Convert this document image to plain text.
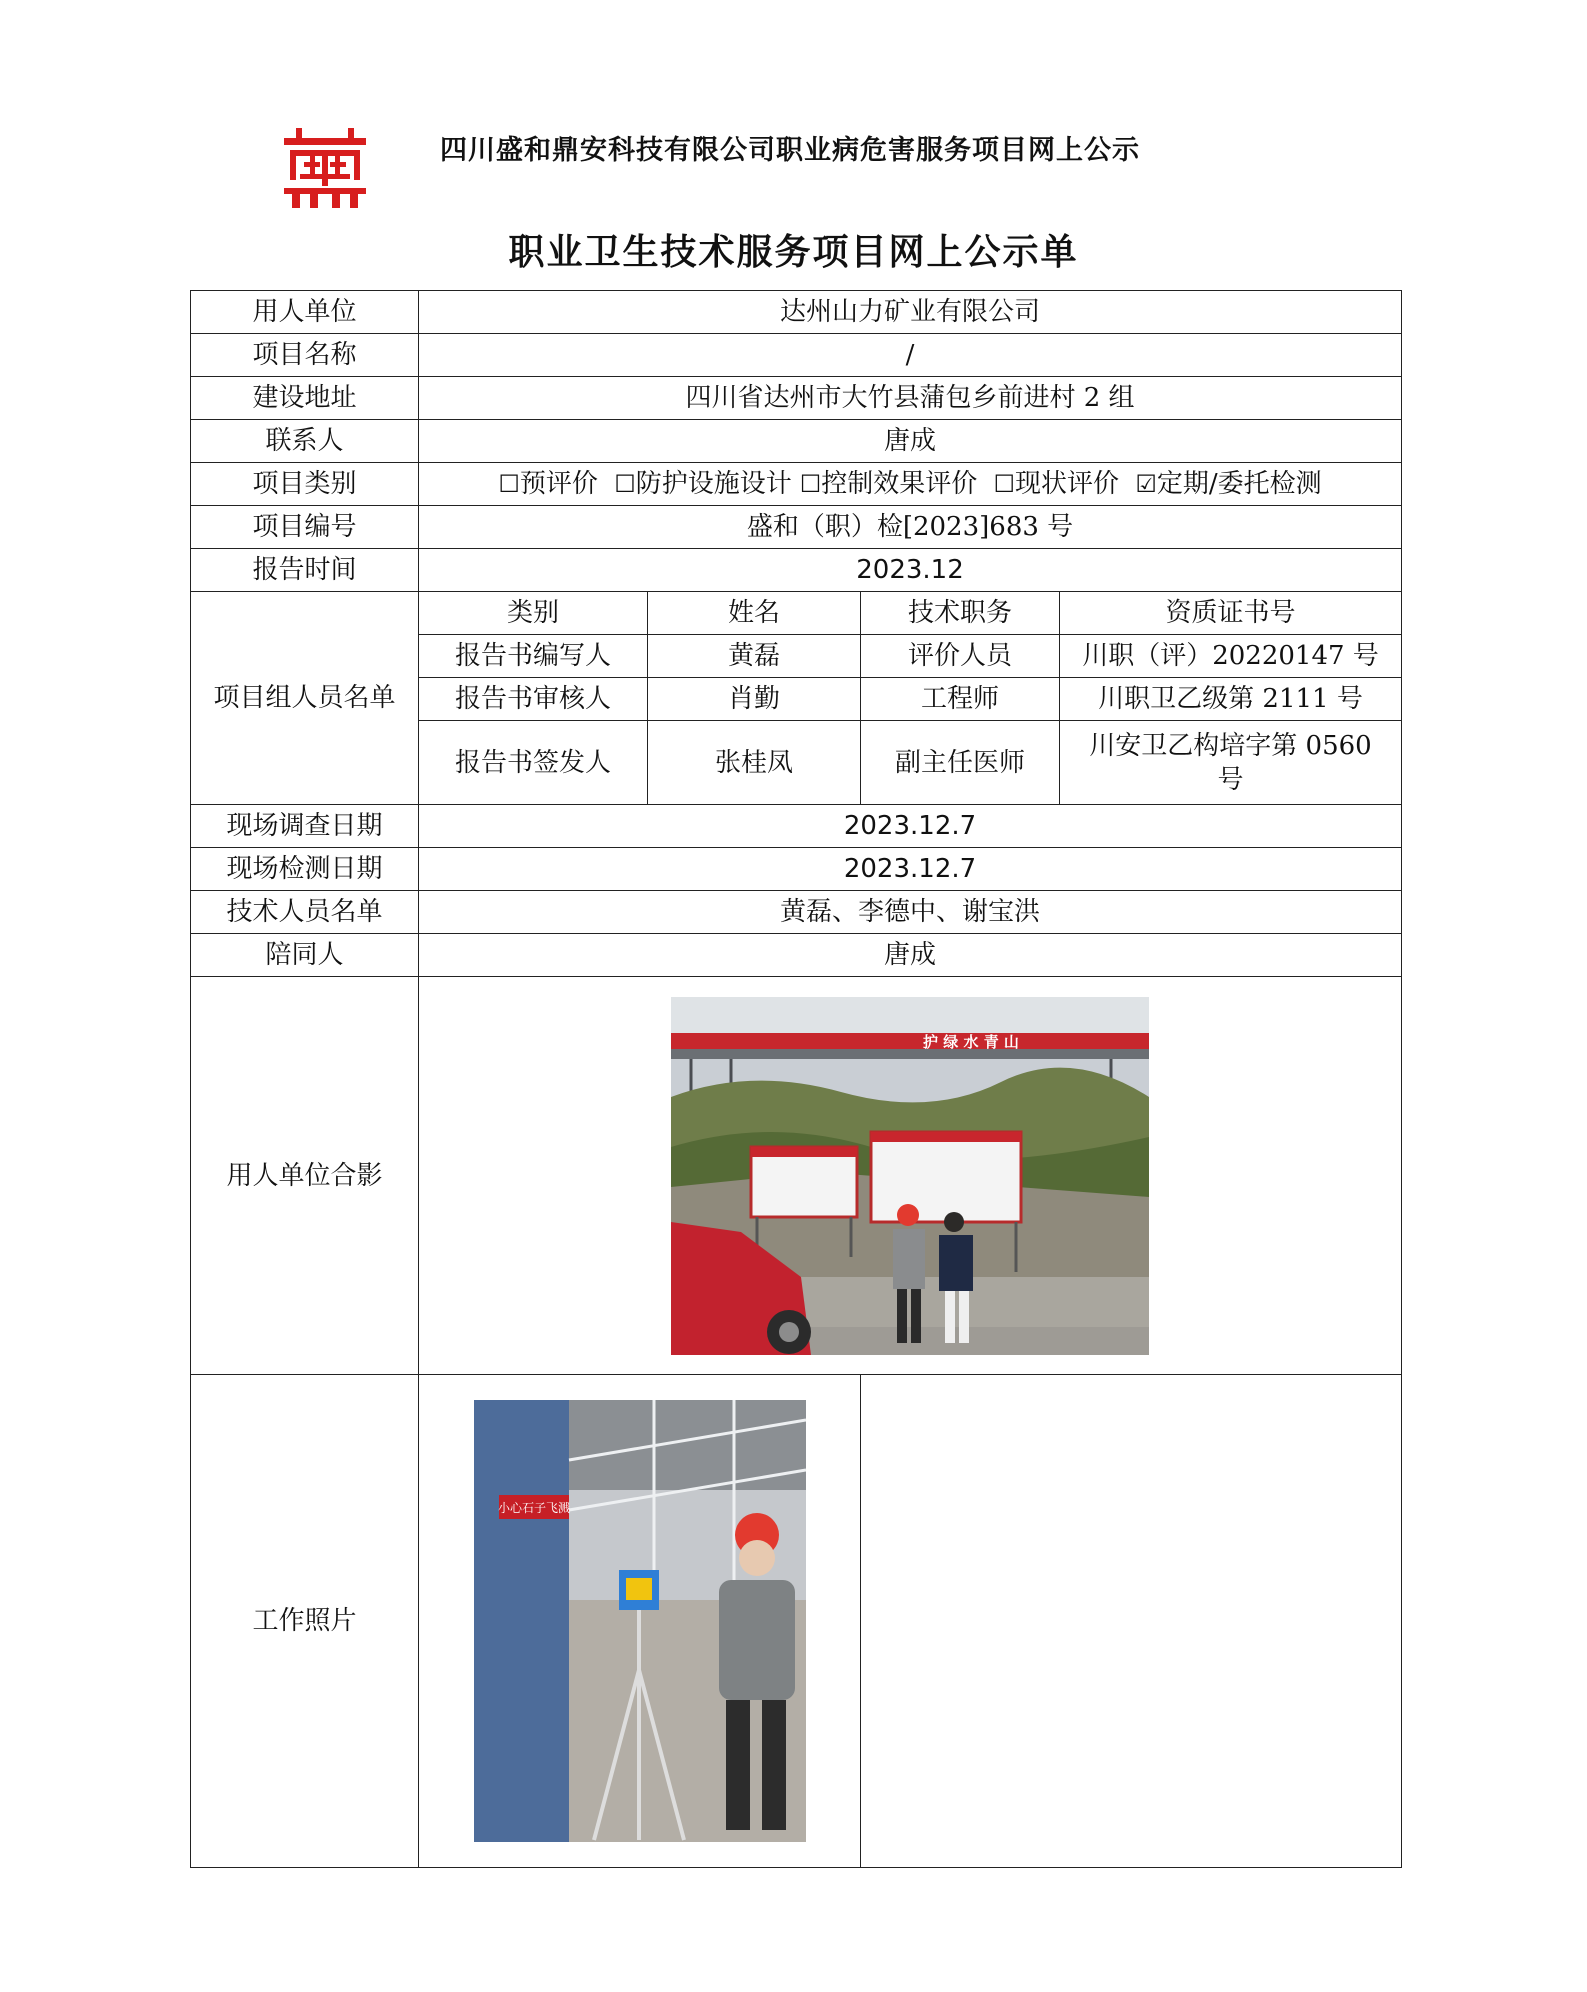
四川盛和鼎安科技有限公司职业病危害服务项目网上公示
职业卫生技术服务项目网上公示单
用人单位	达州山力矿业有限公司			
项目名称	/			
建设地址	四川省达州市大竹县蒲包乡前进村 2 组			
联系人	唐成			
项目类别	☐预评价 ☐防护设施设计 ☐控制效果评价 ☐现状评价 ☑定期/委托检测			
项目编号	盛和（职）检[2023]683 号			
报告时间	2023.12			
项目组人员名单	类别	姓名	技术职务	资质证书号
	报告书编写人	黄磊	评价人员	川职（评）20220147 号
	报告书审核人	肖勤	工程师	川职卫乙级第 2111 号
	报告书签发人	张桂凤	副主任医师	川安卫乙构培字第 0560 号
现场调查日期	2023.12.7			
现场检测日期	2023.12.7			
技术人员名单	黄磊、李德中、谢宝洪			
陪同人	唐成			
用人单位合影	护 绿 水 青 山			

工作照片	小心石子飞溅			
